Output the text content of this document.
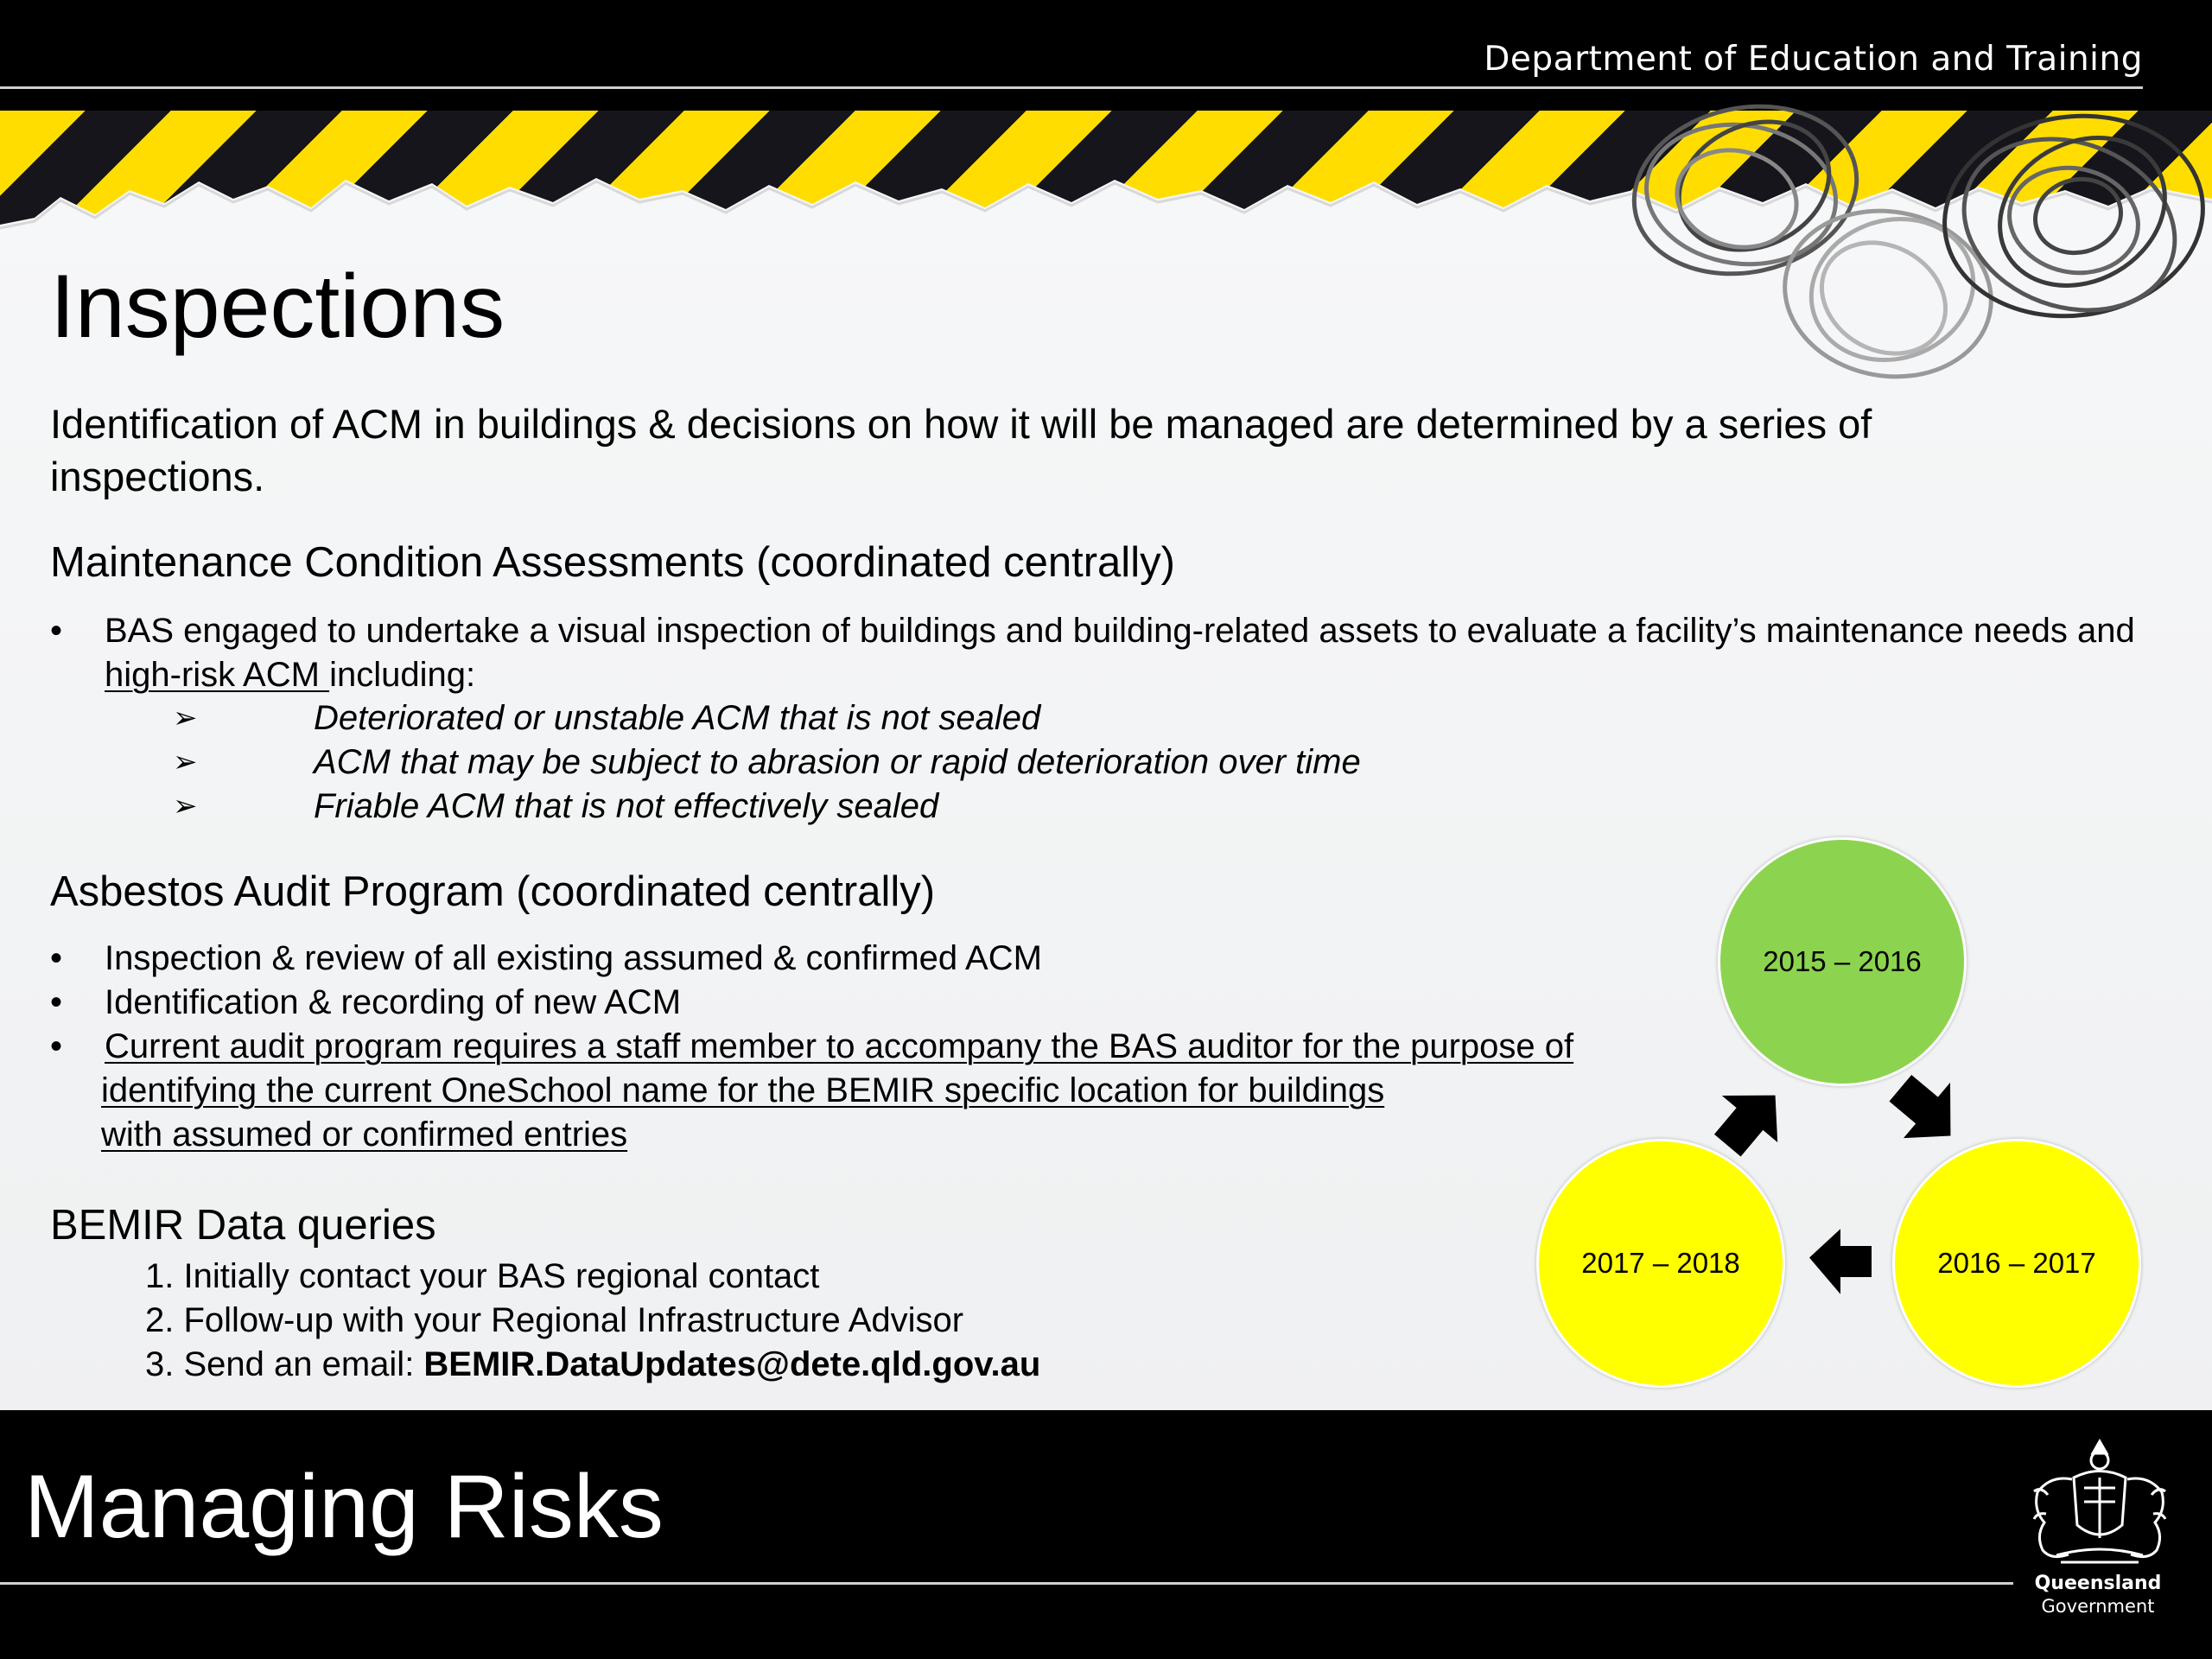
Department of Education and Training
Inspections

Identification of ACM in buildings & decisions on how it will be managed are determined by a series of inspections.

Maintenance Condition Assessments (coordinated centrally)
• BAS engaged to undertake a visual inspection of buildings and building-related assets to evaluate a facility’s maintenance needs and high-risk ACM including:
➢	Deteriorated or unstable ACM that is not sealed
➢	ACM that may be subject to abrasion or rapid deterioration over time
➢	Friable ACM that is not effectively sealed
Asbestos Audit Program (coordinated centrally)
• Inspection & review of all existing assumed & confirmed ACM
• Identification & recording of new ACM
• Current audit program requires a staff member to accompany the BAS auditor for the purpose of
identifying the current OneSchool name for the BEMIR specific location for buildings
with assumed or confirmed entries
BEMIR Data queries
1. Initially contact your BAS regional contact
2. Follow-up with your Regional Infrastructure Advisor
3. Send an email: BEMIR.DataUpdates@dete.qld.gov.au
2015 – 2016
2016 – 2017
2017 – 2018
Managing Risks
Queensland
Government
